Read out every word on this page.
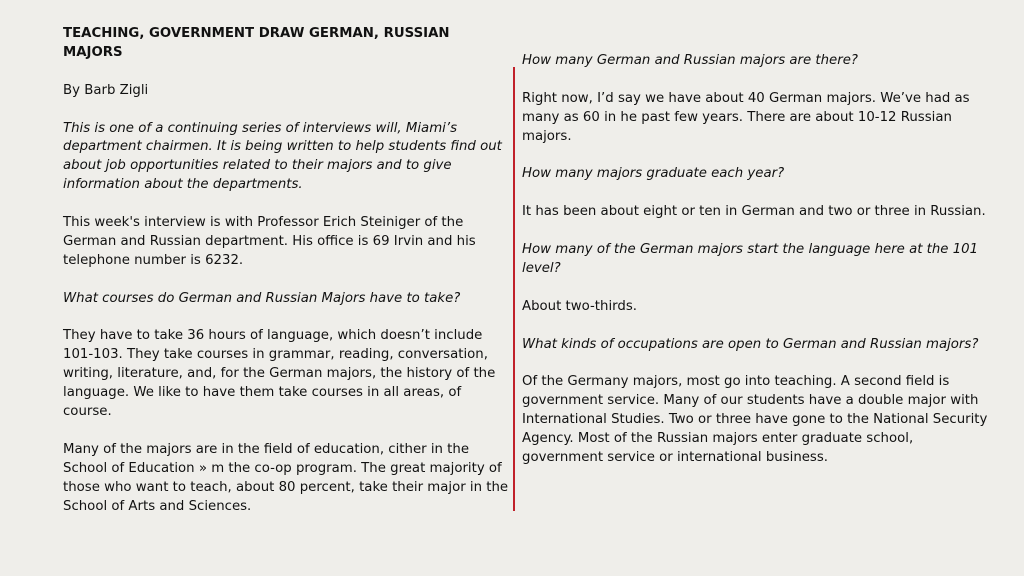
TEACHING, GOVERNMENT DRAW GERMAN, RUSSIAN MAJORS

By Barb Zigli

This is one of a continuing series of interviews will, Miami’s department chairmen. It is being written to help students find out about job opportunities related to their majors and to give information about the departments.

This week's interview is with Professor Erich Steiniger of the German and Russian department. His office is 69 Irvin and his telephone number is 6232.

What courses do German and Russian Majors have to take?

They have to take 36 hours of language, which doesn’t include 101-103. They take courses in grammar, reading, conversation, writing, literature, and, for the German majors, the history of the language. We like to have them take courses in all areas, of course.

Many of the majors are in the field of education, cither in the School of Education » m the co-op program. The great majority of those who want to teach, about 80 percent, take their major in the School of Arts and Sciences.

How many German and Russian majors are there?

Right now, I’d say we have about 40 German majors. We’ve had as many as 60 in he past few years. There are about 10-12 Russian majors.

How many majors graduate each year?

It has been about eight or ten in German and two or three in Russian.

How many of the German majors start the language here at the 101 level?

About two-thirds.

What kinds of occupations are open to German and Russian majors?

Of the Germany majors, most go into teaching. A second field is government service. Many of our students have a double major with International Studies. Two or three have gone to the National Security Agency. Most of the Russian majors enter graduate school, government service or international business.
